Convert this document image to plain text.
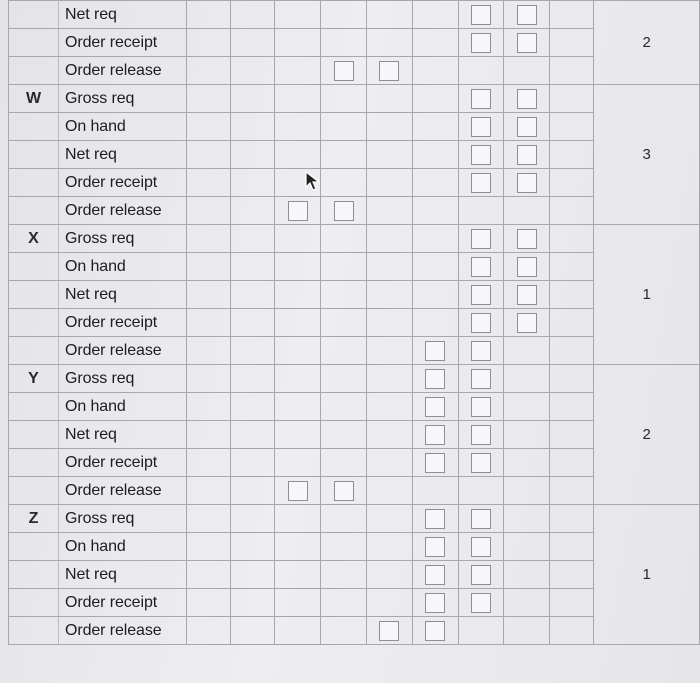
	Net req										2
	Order receipt								

	Order release					

W	Gross req										3
	On hand								

	Net req								

	Order receipt								

	Order release				

X	Gross req										1
	On hand								

	Net req								

	Order receipt								

	Order release							

Y	Gross req										2
	On hand							

	Net req							

	Order receipt							

	Order release				

Z	Gross req										1
	On hand							

	Net req							

	Order receipt							

	Order release						
